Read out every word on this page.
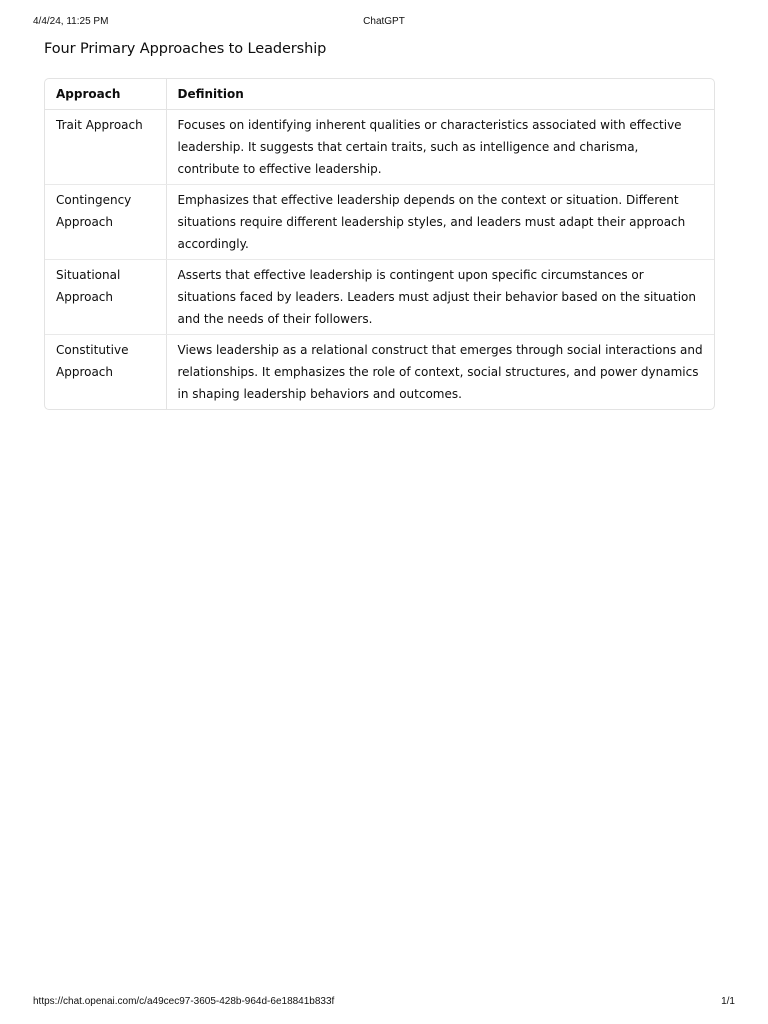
4/4/24, 11:25 PM	ChatGPT
Four Primary Approaches to Leadership
Approach	Definition
Trait Approach	Focuses on identifying inherent qualities or characteristics associated with effective leadership. It suggests that certain traits, such as intelligence and charisma, contribute to effective leadership.
Contingency Approach	Emphasizes that effective leadership depends on the context or situation. Different situations require different leadership styles, and leaders must adapt their approach accordingly.
Situational Approach	Asserts that effective leadership is contingent upon specific circumstances or situations faced by leaders. Leaders must adjust their behavior based on the situation and the needs of their followers.
Constitutive Approach	Views leadership as a relational construct that emerges through social interactions and relationships. It emphasizes the role of context, social structures, and power dynamics in shaping leadership behaviors and outcomes.
https://chat.openai.com/c/a49cec97-3605-428b-964d-6e18841b833f	1/1
